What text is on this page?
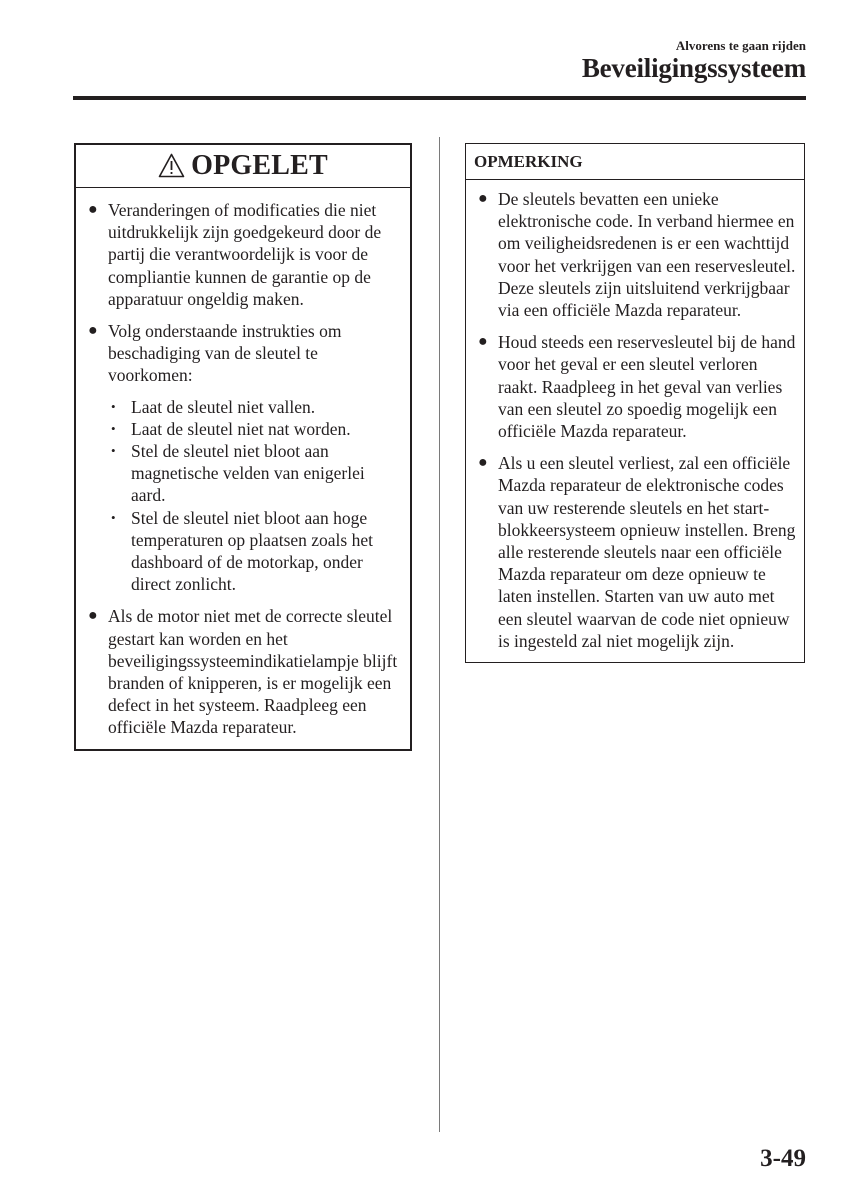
Alvorens te gaan rijden
Beveiligingssysteem
OPGELET
● Veranderingen of modificaties die niet uitdrukkelijk zijn goedgekeurd door de partij die verantwoordelijk is voor de compliantie kunnen de garantie op de apparatuur ongeldig maken.
● Volg onderstaande instrukties om beschadiging van de sleutel te voorkomen:
• Laat de sleutel niet vallen.
• Laat de sleutel niet nat worden.
• Stel de sleutel niet bloot aan magnetische velden van enigerlei aard.
• Stel de sleutel niet bloot aan hoge temperaturen op plaatsen zoals het dashboard of de motorkap, onder direct zonlicht.
● Als de motor niet met de correcte sleutel gestart kan worden en het beveiligingssysteemindikatielampje blijft branden of knipperen, is er mogelijk een defect in het systeem. Raadpleeg een officiële Mazda reparateur.
OPMERKING
● De sleutels bevatten een unieke elektronische code. In verband hiermee en om veiligheidsredenen is er een wachttijd voor het verkrijgen van een reservesleutel. Deze sleutels zijn uitsluitend verkrijgbaar via een officiële Mazda reparateur.
● Houd steeds een reservesleutel bij de hand voor het geval er een sleutel verloren raakt. Raadpleeg in het geval van verlies van een sleutel zo spoedig mogelijk een officiële Mazda reparateur.
● Als u een sleutel verliest, zal een officiële Mazda reparateur de elektronische codes van uw resterende sleutels en het start-blokkeersysteem opnieuw instellen. Breng alle resterende sleutels naar een officiële Mazda reparateur om deze opnieuw te laten instellen. Starten van uw auto met een sleutel waarvan de code niet opnieuw is ingesteld zal niet mogelijk zijn.
3-49
